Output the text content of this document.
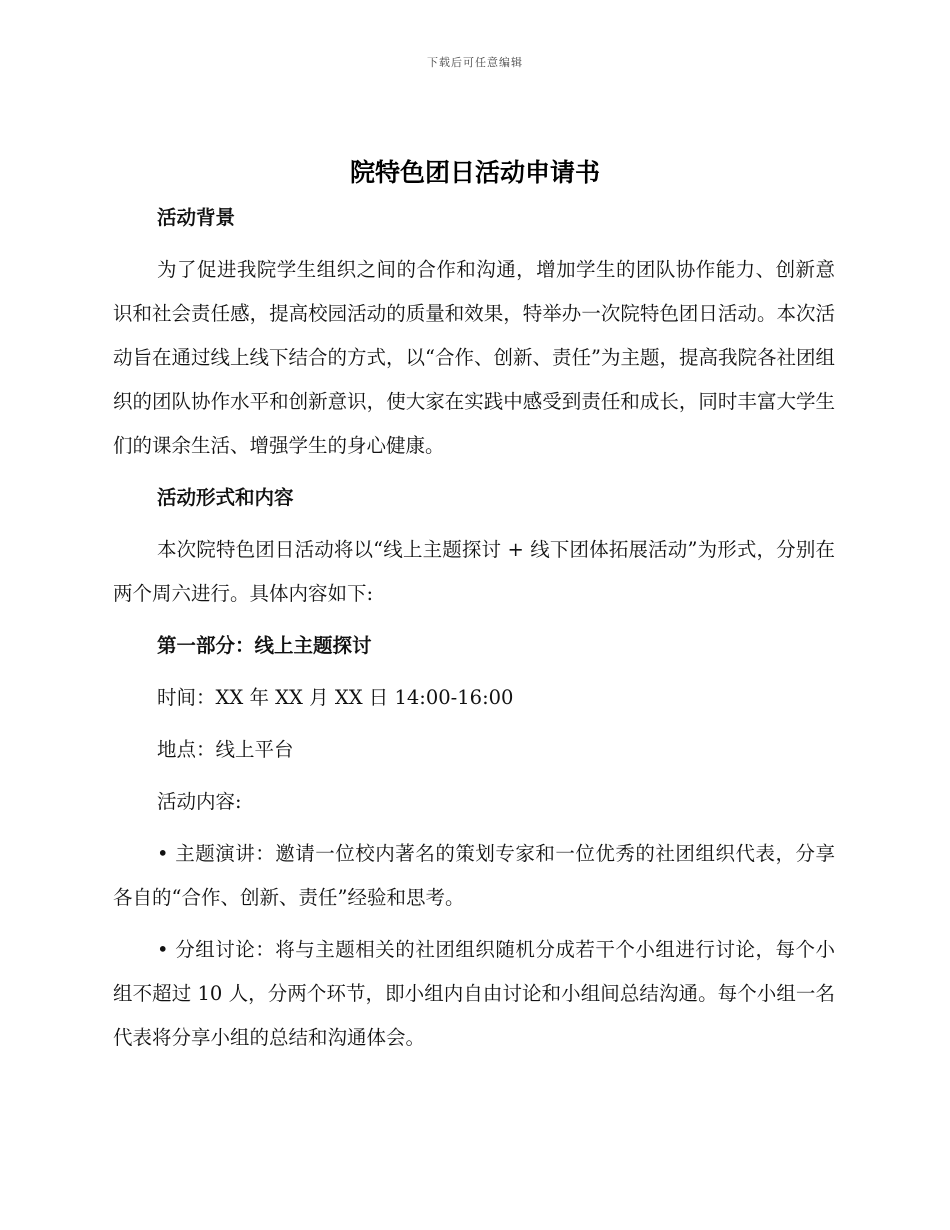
下载后可任意编辑
院特色团日活动申请书

活动背景

为了促进我院学生组织之间的合作和沟通，增加学生的团队协作能力、创新意识和社会责任感，提高校园活动的质量和效果，特举办一次院特色团日活动。本次活动旨在通过线上线下结合的方式，以“合作、创新、责任”为主题，提高我院各社团组织的团队协作水平和创新意识，使大家在实践中感受到责任和成长，同时丰富大学生们的课余生活、增强学生的身心健康。

活动形式和内容

本次院特色团日活动将以“线上主题探讨 + 线下团体拓展活动”为形式，分别在两个周六进行。具体内容如下:

第一部分：线上主题探讨

时间：XX 年 XX 月 XX 日 14:00-16:00

地点：线上平台

活动内容:

• 主题演讲：邀请一位校内著名的策划专家和一位优秀的社团组织代表，分享各自的“合作、创新、责任”经验和思考。

• 分组讨论：将与主题相关的社团组织随机分成若干个小组进行讨论，每个小组不超过 10 人，分两个环节，即小组内自由讨论和小组间总结沟通。每个小组一名代表将分享小组的总结和沟通体会。
